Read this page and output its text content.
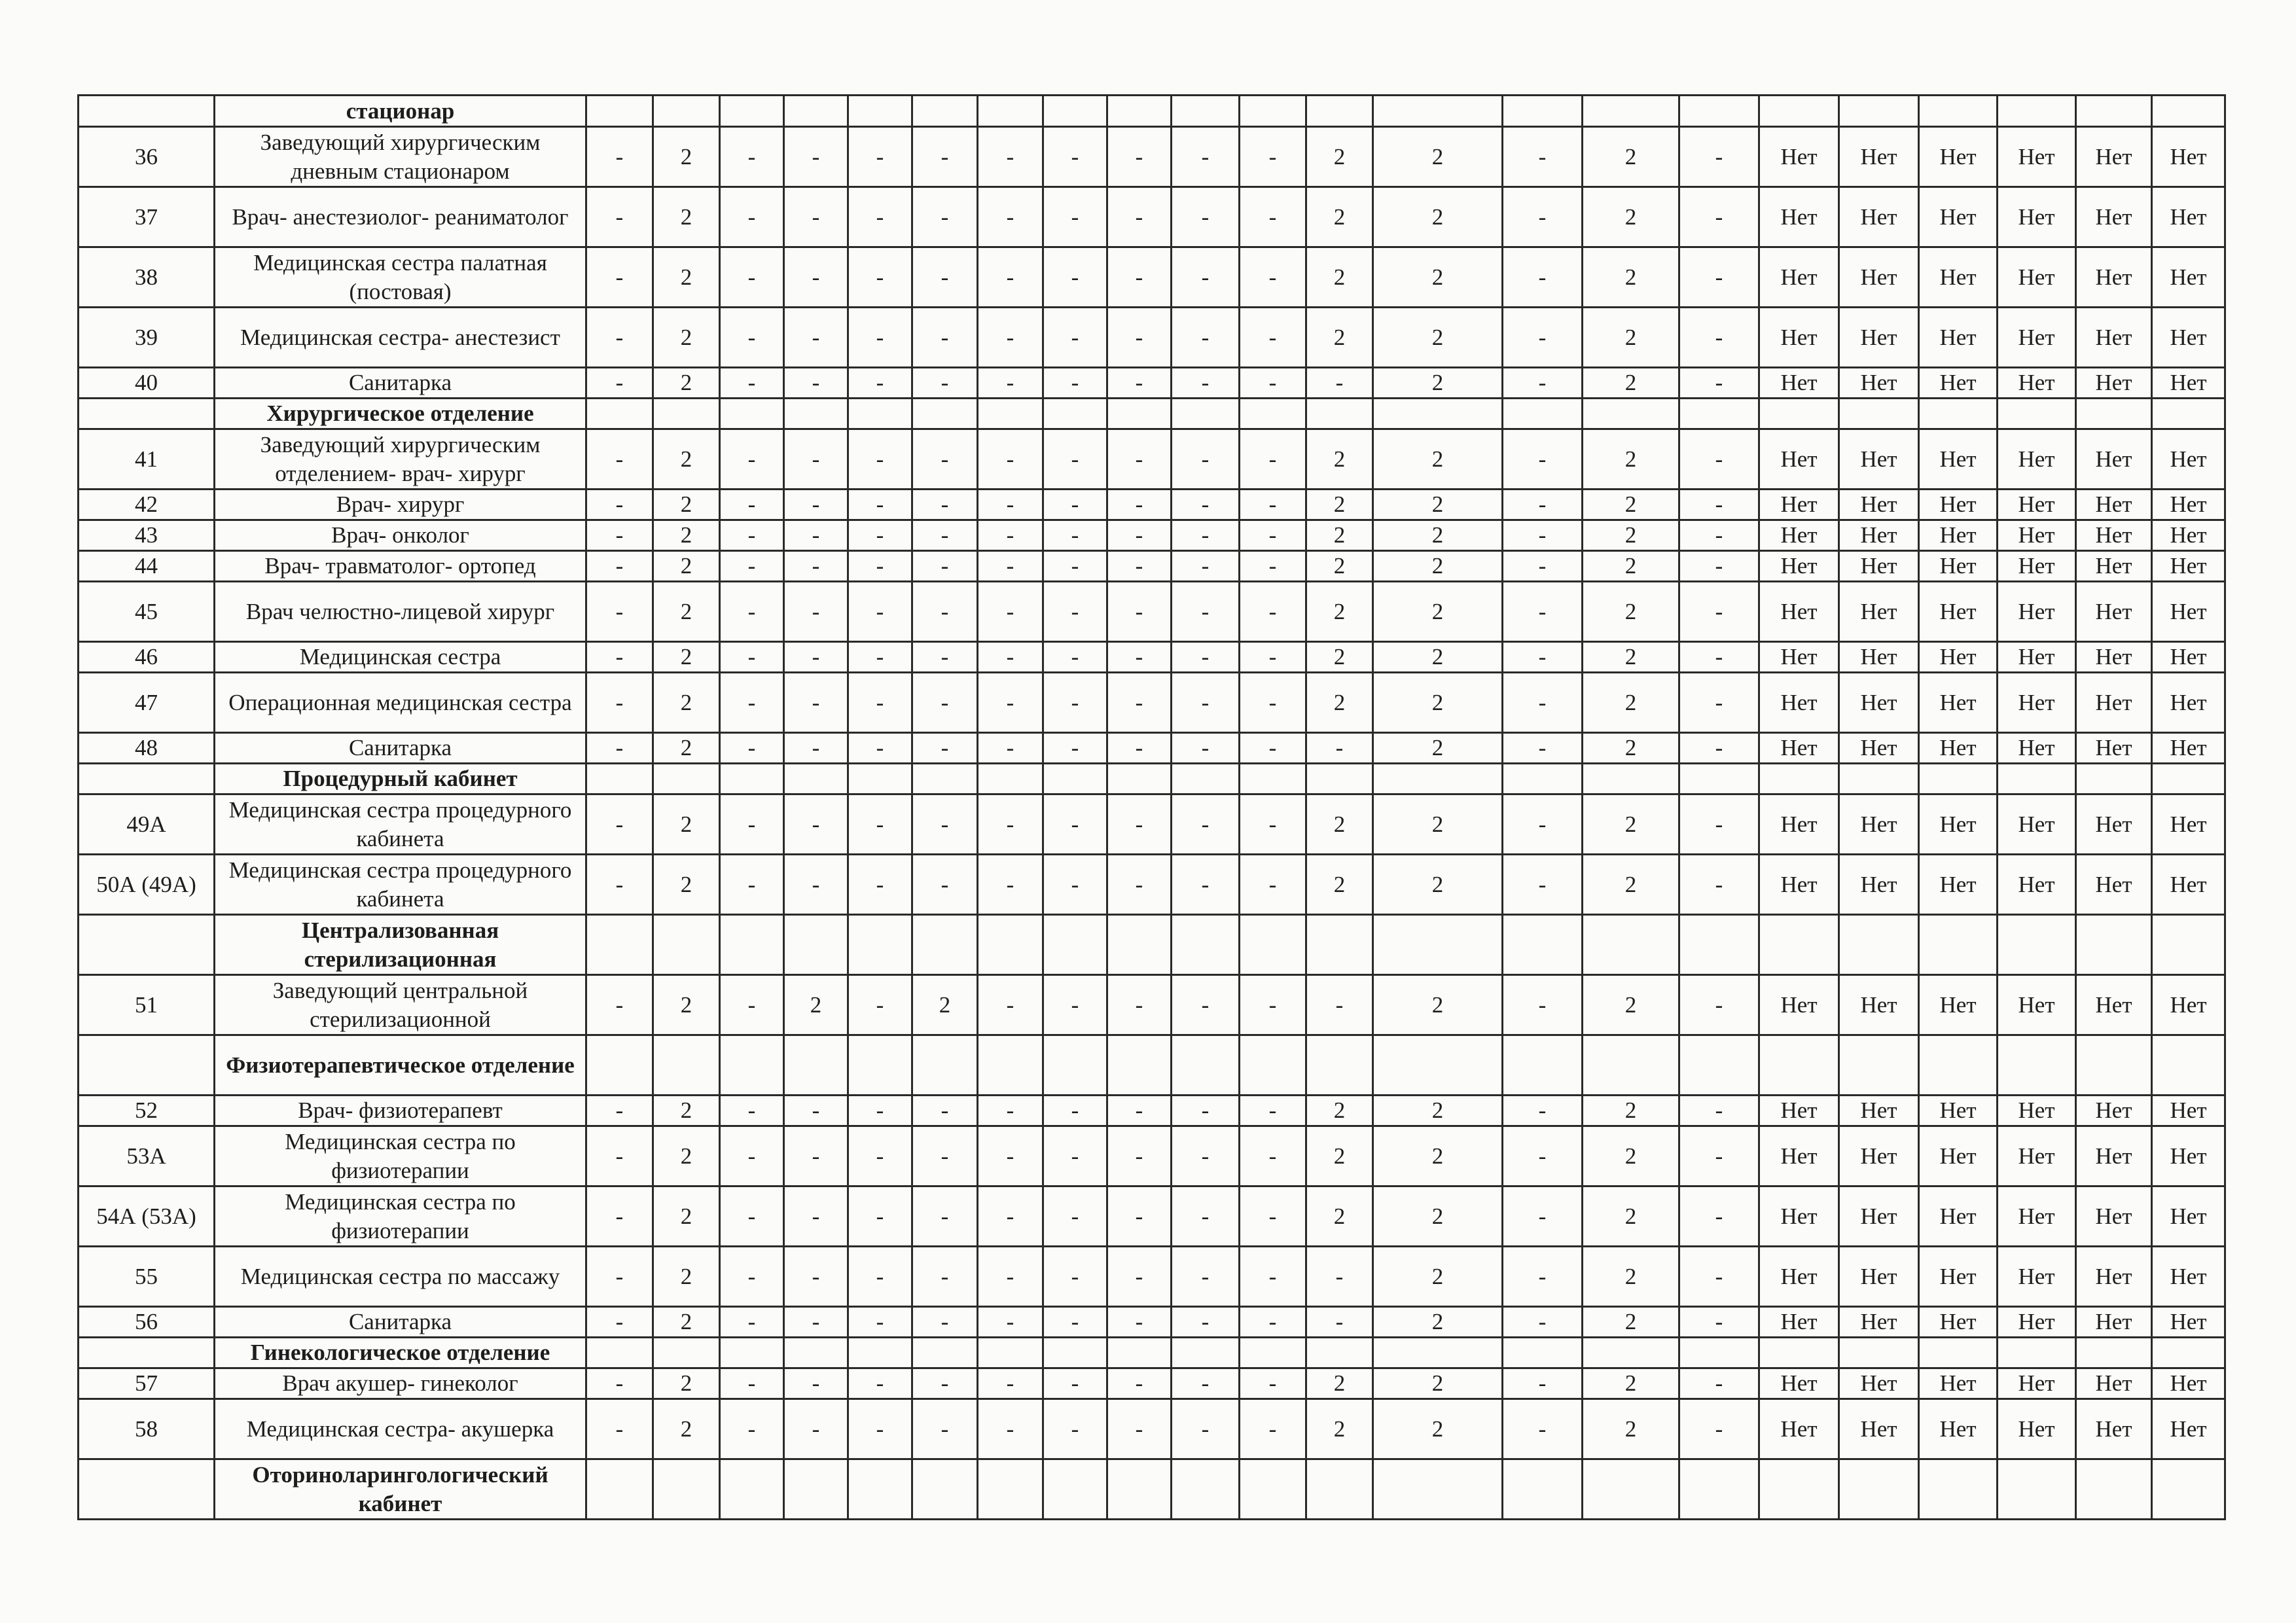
	стационар																						
36	Заведующий хирургическим дневным стационаром	-	2	-	-	-	-	-	-	-	-	-	2	2	-	2	-	Нет	Нет	Нет	Нет	Нет	Нет
37	Врач- анестезиолог- реаниматолог	-	2	-	-	-	-	-	-	-	-	-	2	2	-	2	-	Нет	Нет	Нет	Нет	Нет	Нет
38	Медицинская сестра палатная (постовая)	-	2	-	-	-	-	-	-	-	-	-	2	2	-	2	-	Нет	Нет	Нет	Нет	Нет	Нет
39	Медицинская сестра- анестезист	-	2	-	-	-	-	-	-	-	-	-	2	2	-	2	-	Нет	Нет	Нет	Нет	Нет	Нет
40	Санитарка	-	2	-	-	-	-	-	-	-	-	-	-	2	-	2	-	Нет	Нет	Нет	Нет	Нет	Нет
	Хирургическое отделение																						
41	Заведующий хирургическим отделением- врач- хирург	-	2	-	-	-	-	-	-	-	-	-	2	2	-	2	-	Нет	Нет	Нет	Нет	Нет	Нет
42	Врач- хирург	-	2	-	-	-	-	-	-	-	-	-	2	2	-	2	-	Нет	Нет	Нет	Нет	Нет	Нет
43	Врач- онколог	-	2	-	-	-	-	-	-	-	-	-	2	2	-	2	-	Нет	Нет	Нет	Нет	Нет	Нет
44	Врач- травматолог- ортопед	-	2	-	-	-	-	-	-	-	-	-	2	2	-	2	-	Нет	Нет	Нет	Нет	Нет	Нет
45	Врач челюстно-лицевой хирург	-	2	-	-	-	-	-	-	-	-	-	2	2	-	2	-	Нет	Нет	Нет	Нет	Нет	Нет
46	Медицинская сестра	-	2	-	-	-	-	-	-	-	-	-	2	2	-	2	-	Нет	Нет	Нет	Нет	Нет	Нет
47	Операционная медицинская сестра	-	2	-	-	-	-	-	-	-	-	-	2	2	-	2	-	Нет	Нет	Нет	Нет	Нет	Нет
48	Санитарка	-	2	-	-	-	-	-	-	-	-	-	-	2	-	2	-	Нет	Нет	Нет	Нет	Нет	Нет
	Процедурный кабинет																						
49А	Медицинская сестра процедурного кабинета	-	2	-	-	-	-	-	-	-	-	-	2	2	-	2	-	Нет	Нет	Нет	Нет	Нет	Нет
50А (49А)	Медицинская сестра процедурного кабинета	-	2	-	-	-	-	-	-	-	-	-	2	2	-	2	-	Нет	Нет	Нет	Нет	Нет	Нет
	Централизованная стерилизационная																						
51	Заведующий центральной стерилизационной	-	2	-	2	-	2	-	-	-	-	-	-	2	-	2	-	Нет	Нет	Нет	Нет	Нет	Нет
	Физиотерапевтическое отделение																						
52	Врач- физиотерапевт	-	2	-	-	-	-	-	-	-	-	-	2	2	-	2	-	Нет	Нет	Нет	Нет	Нет	Нет
53А	Медицинская сестра по физиотерапии	-	2	-	-	-	-	-	-	-	-	-	2	2	-	2	-	Нет	Нет	Нет	Нет	Нет	Нет
54А (53А)	Медицинская сестра по физиотерапии	-	2	-	-	-	-	-	-	-	-	-	2	2	-	2	-	Нет	Нет	Нет	Нет	Нет	Нет
55	Медицинская сестра по массажу	-	2	-	-	-	-	-	-	-	-	-	-	2	-	2	-	Нет	Нет	Нет	Нет	Нет	Нет
56	Санитарка	-	2	-	-	-	-	-	-	-	-	-	-	2	-	2	-	Нет	Нет	Нет	Нет	Нет	Нет
	Гинекологическое отделение																						
57	Врач акушер- гинеколог	-	2	-	-	-	-	-	-	-	-	-	2	2	-	2	-	Нет	Нет	Нет	Нет	Нет	Нет
58	Медицинская сестра- акушерка	-	2	-	-	-	-	-	-	-	-	-	2	2	-	2	-	Нет	Нет	Нет	Нет	Нет	Нет
	Оториноларингологический кабинет																						
